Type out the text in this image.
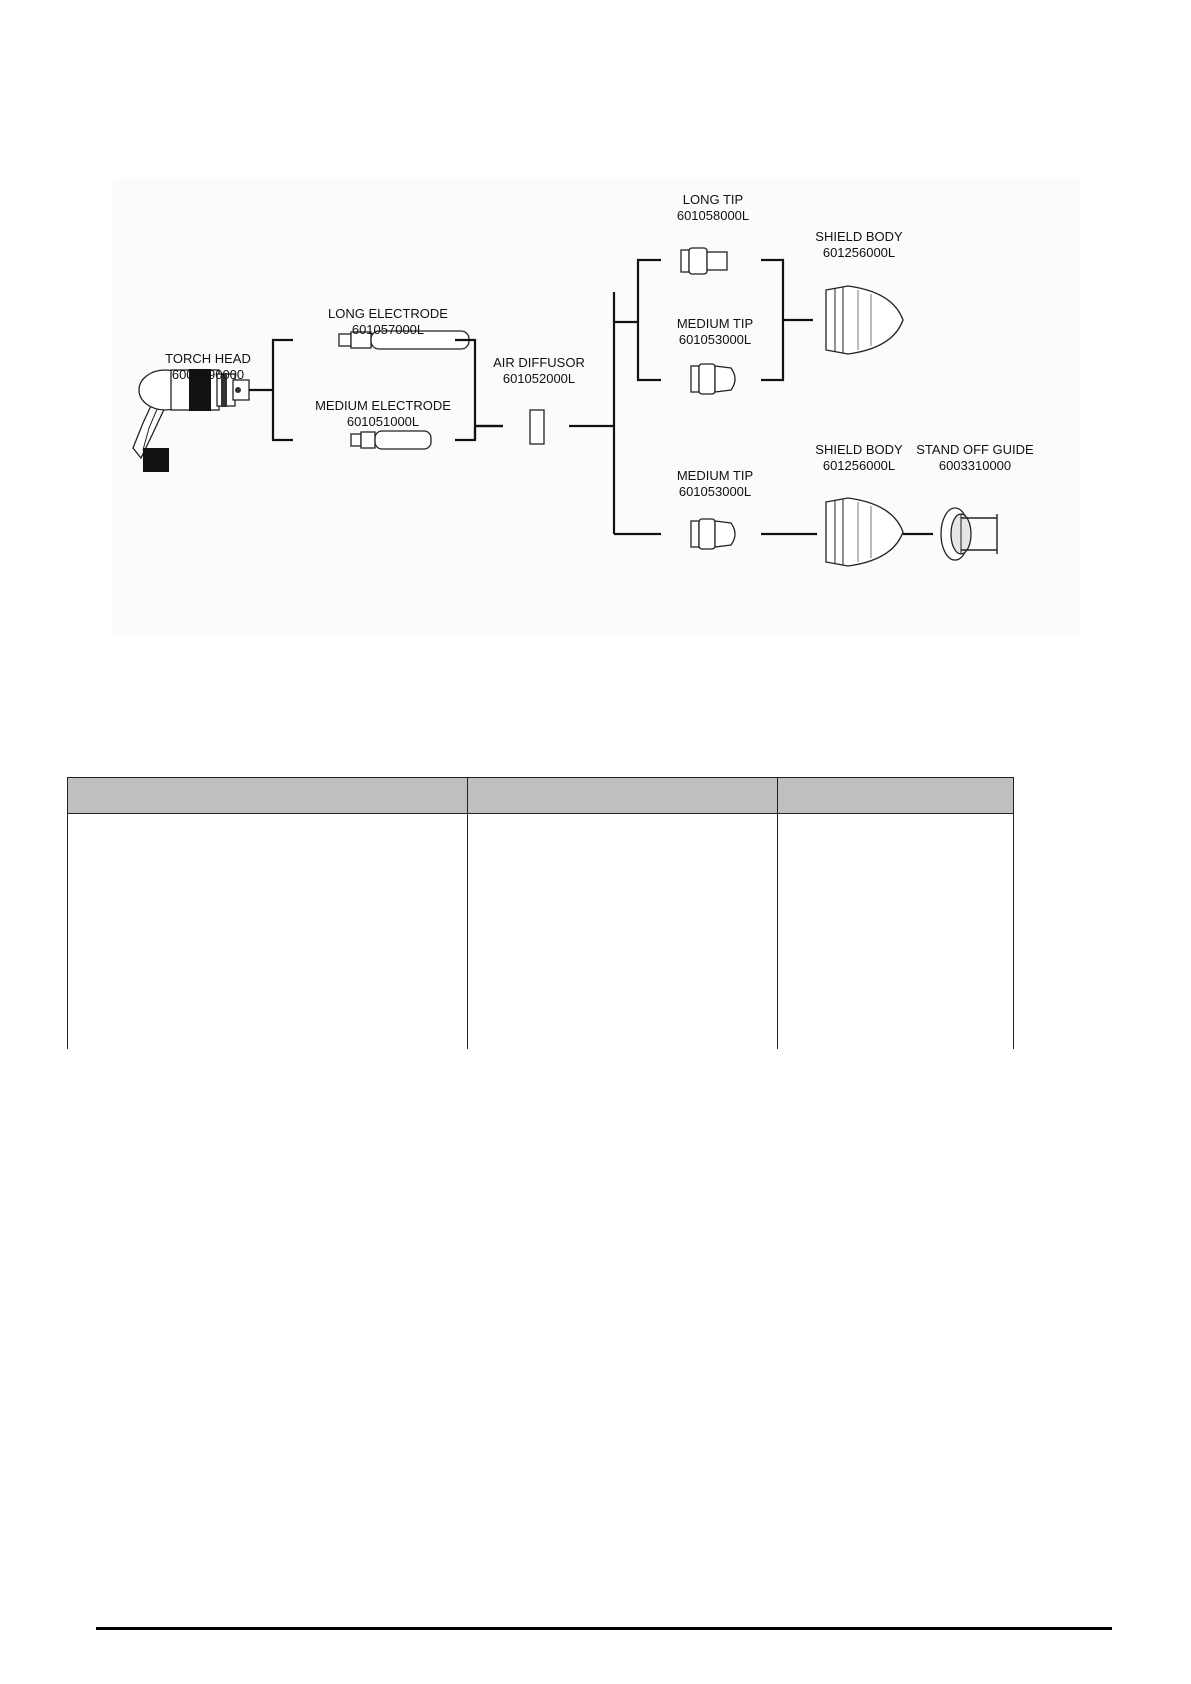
TORCH HEAD
6003290000
LONG ELECTRODE
601057000L
MEDIUM ELECTRODE
601051000L
AIR DIFFUSOR
601052000L
LONG TIP
601058000L
MEDIUM TIP
601053000L
SHIELD BODY
601256000L
MEDIUM TIP
601053000L
SHIELD BODY
601256000L
STAND OFF GUIDE
6003310000
